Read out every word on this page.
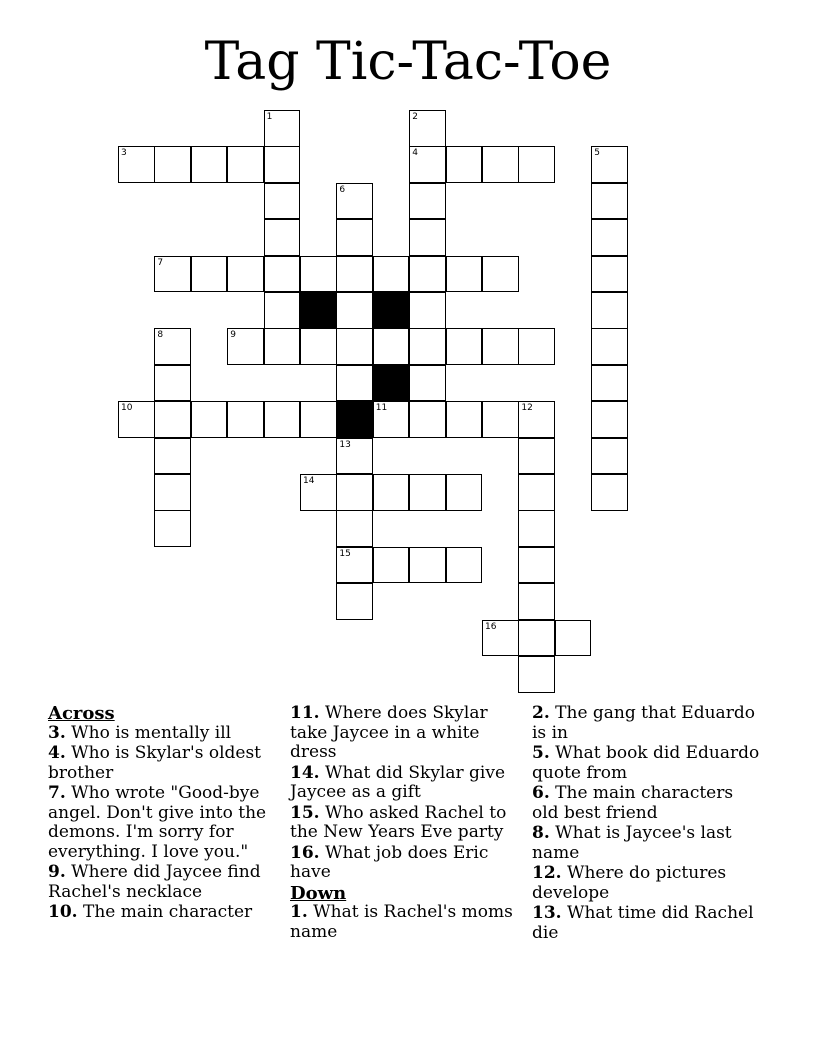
Tag Tic-Tac-Toe
1	2
3	4	5
6
7
8	9
10	11	12
13
14
15
16
Across
3. Who is mentally ill
4. Who is Skylar's oldest brother
7. Who wrote "Good-bye angel. Don't give into the demons. I'm sorry for everything. I love you."
9. Where did Jaycee find Rachel's necklace
10. The main character
11. Where does Skylar take Jaycee in a white dress
14. What did Skylar give Jaycee as a gift
15. Who asked Rachel to the New Years Eve party
16. What job does Eric have
Down
1. What is Rachel's moms name
2. The gang that Eduardo is in
5. What book did Eduardo quote from
6. The main characters old best friend
8. What is Jaycee's last name
12. Where do pictures develope
13. What time did Rachel die
